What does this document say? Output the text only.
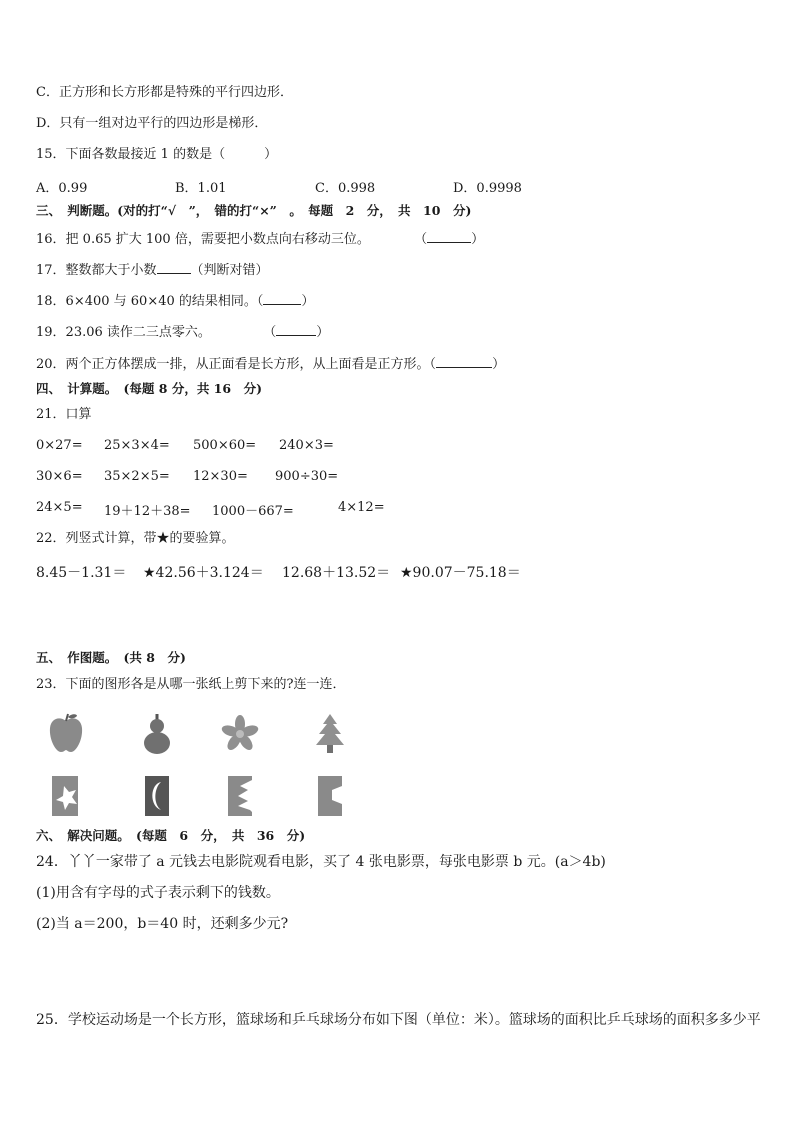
C．正方形和长方形都是特殊的平行四边形．
D．只有一组对边平行的四边形是梯形．
15．下面各数最接近 1 的数是（　　　）
A．0.99	B．1.01	C．0.998	D．0.9998
三、　判断题。(对的打“√　”，　错的打“×”　。　每题　2　分，　共　10　分)
16．把 0.65 扩大 100 倍，需要把小数点向右移动三位。	（	）
17．整数都大于小数	（判断对错）
18．6×400 与 60×40 的结果相同。（	）
19．23.06 读作二三点零六。	（	）
20．两个正方体摆成一排，从正面看是长方形，从上面看是正方形。（	）
四、　计算题。　(每题 8 分，共 16　分)
21．口算
0×27= 25×3×4= 500×60= 240×3=
30×6= 35×2×5= 12×30= 900÷30=
24×5= 19＋12＋38= 1000－667=	4×12=
22．列竖式计算，带★的要验算。
8.45－1.31＝ ★42.56＋3.124＝ 12.68＋13.52＝ ★90.07－75.18＝
五、　作图题。　(共 8　分)
23．下面的图形各是从哪一张纸上剪下来的?连一连．
六、　解决问题。　(每题　6　分，　共　36　分)
24．丫丫一家带了 a 元钱去电影院观看电影，买了 4 张电影票，每张电影票 b 元。(a＞4b)
(1)用含有字母的式子表示剩下的钱数。
(2)当 a＝200，b＝40 时，还剩多少元?
25．学校运动场是一个长方形，篮球场和乒乓球场分布如下图（单位：米）。篮球场的面积比乒乓球场的面积多多少平
